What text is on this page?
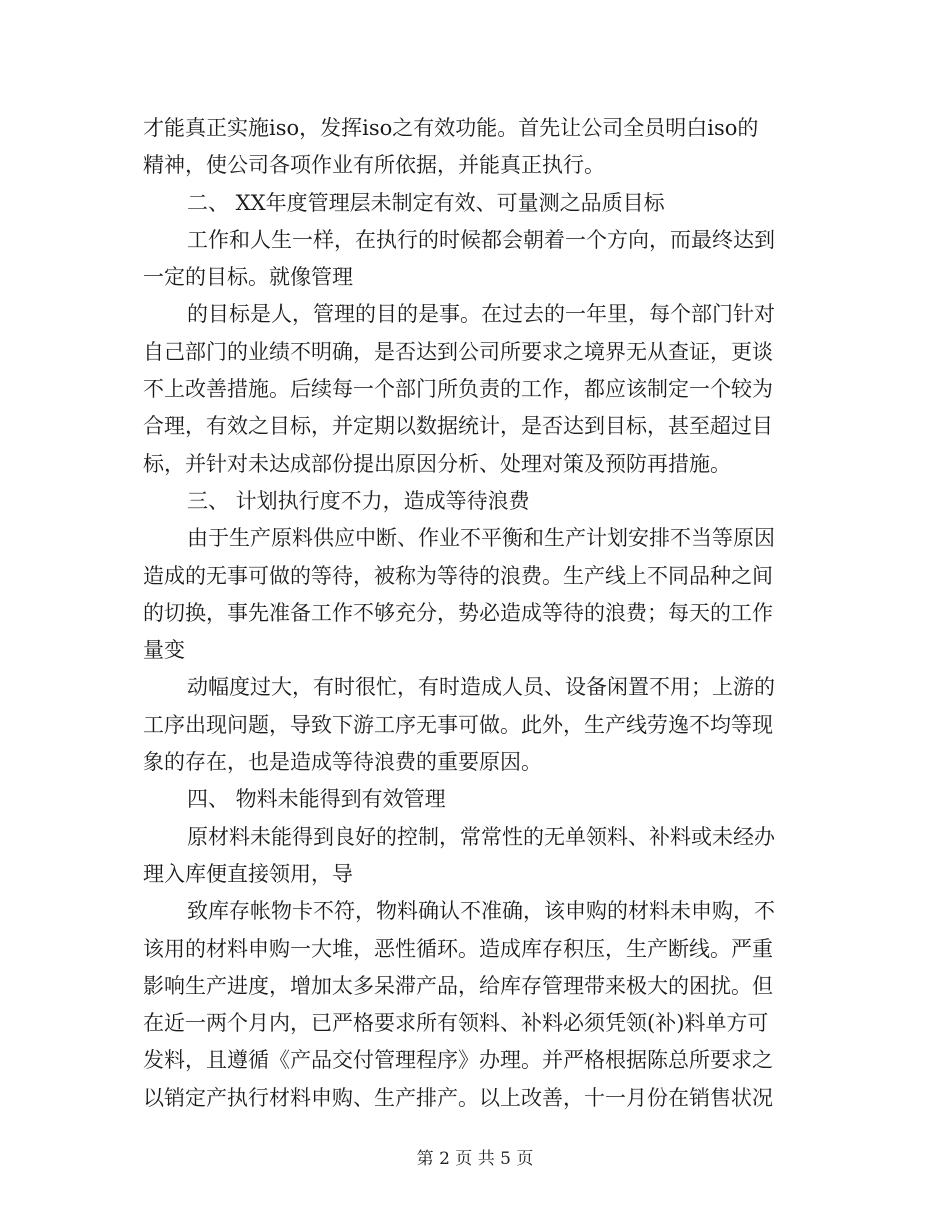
才能真正实施iso，发挥iso之有效功能。首先让公司全员明白iso的
精神，使公司各项作业有所依据，并能真正执行。
二、 XX年度管理层未制定有效、可量测之品质目标
工作和人生一样，在执行的时候都会朝着一个方向，而最终达到
一定的目标。就像管理
的目标是人，管理的目的是事。在过去的一年里，每个部门针对
自己部门的业绩不明确，是否达到公司所要求之境界无从查证，更谈
不上改善措施。后续每一个部门所负责的工作，都应该制定一个较为
合理，有效之目标，并定期以数据统计，是否达到目标，甚至超过目
标，并针对未达成部份提出原因分析、处理对策及预防再措施。
三、 计划执行度不力，造成等待浪费
由于生产原料供应中断、作业不平衡和生产计划安排不当等原因
造成的无事可做的等待，被称为等待的浪费。生产线上不同品种之间
的切换，事先准备工作不够充分，势必造成等待的浪费；每天的工作
量变
动幅度过大，有时很忙，有时造成人员、设备闲置不用；上游的
工序出现问题，导致下游工序无事可做。此外，生产线劳逸不均等现
象的存在，也是造成等待浪费的重要原因。
四、 物料未能得到有效管理
原材料未能得到良好的控制，常常性的无单领料、补料或未经办
理入库便直接领用，导
致库存帐物卡不符，物料确认不准确，该申购的材料未申购，不
该用的材料申购一大堆，恶性循环。造成库存积压，生产断线。严重
影响生产进度，增加太多呆滞产品，给库存管理带来极大的困扰。但
在近一两个月内，已严格要求所有领料、补料必须凭领(补)料单方可
发料，且遵循《产品交付管理程序》办理。并严格根据陈总所要求之
以销定产执行材料申购、生产排产。以上改善，十一月份在销售状况
第 2 页 共 5 页
